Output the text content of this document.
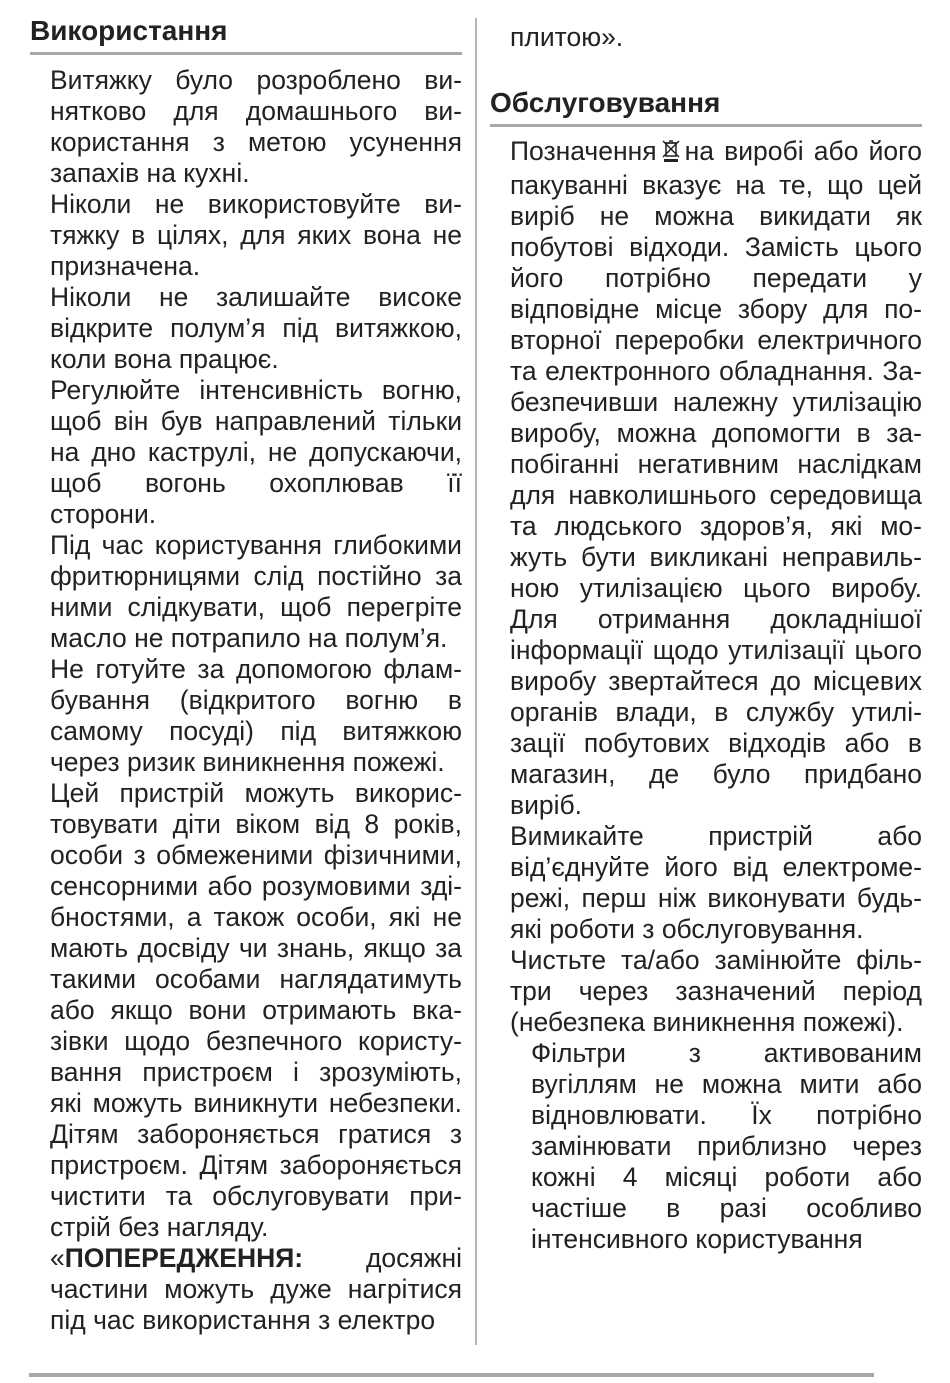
Використання

Витяжку було розроблено винятково для домашнього використання з метою усунення запахів на кухні.

Ніколи не використовуйте витяжку в цілях, для яких вона не призначена.

Ніколи не залишайте високе відкрите полум’я під витяжкою, коли вона працює.

Регулюйте інтенсивність вогню, щоб він був направлений тільки на дно каструлі, не допускаючи, щоб вогонь охоплював її сторони.

Під час користування глибокими фритюрницями слід постійно за ними слідкувати, щоб перегріте масло не потрапило на полум’я.

Не готуйте за допомогою фламбування (відкритого вогню в самому посуді) під витяжкою через ризик виникнення пожежі.

Цей пристрій можуть використовувати діти віком від 8 років, особи з обмеженими фізичними, сенсорними або розумовими здібностями, а також особи, які не мають досвіду чи знань, якщо за такими особами наглядатимуть або якщо вони отримають вказівки щодо безпечного користування пристроєм і зрозуміють, які можуть виникнути небезпеки. Дітям забороняється гратися з пристроєм. Дітям забороняється чистити та обслуговувати пристрій без нагляду.

«ПОПЕРЕДЖЕННЯ: досяжні частини можуть дуже нагрітися під час використання з електро

плитою».
Обслуговування

Позначення на виробі або його пакуванні вказує на те, що цей виріб не можна викидати як побутові відходи. Замість цього його потрібно передати у відповідне місце збору для повторної переробки електричного та електронного обладнання. Забезпечивши належну утилізацію виробу, можна допомогти в запобіганні негативним наслідкам для навколишнього середовища та людського здоров’я, які можуть бути викликані неправильною утилізацією цього виробу. Для отримання докладнішої інформації щодо утилізації цього виробу звертайтеся до місцевих органів влади, в службу утилізації побутових відходів або в магазин, де було придбано виріб.

Вимикайте пристрій або від’єднуйте його від електромережі, перш ніж виконувати будь-які роботи з обслуговування.

Чистьте та/або замінюйте фільтри через зазначений період (небезпека виникнення пожежі).

Фільтри з активованим вугіллям не можна мити або відновлювати. Їх потрібно замінювати приблизно через кожні 4 місяці роботи або частіше в разі особливо інтенсивного користування
